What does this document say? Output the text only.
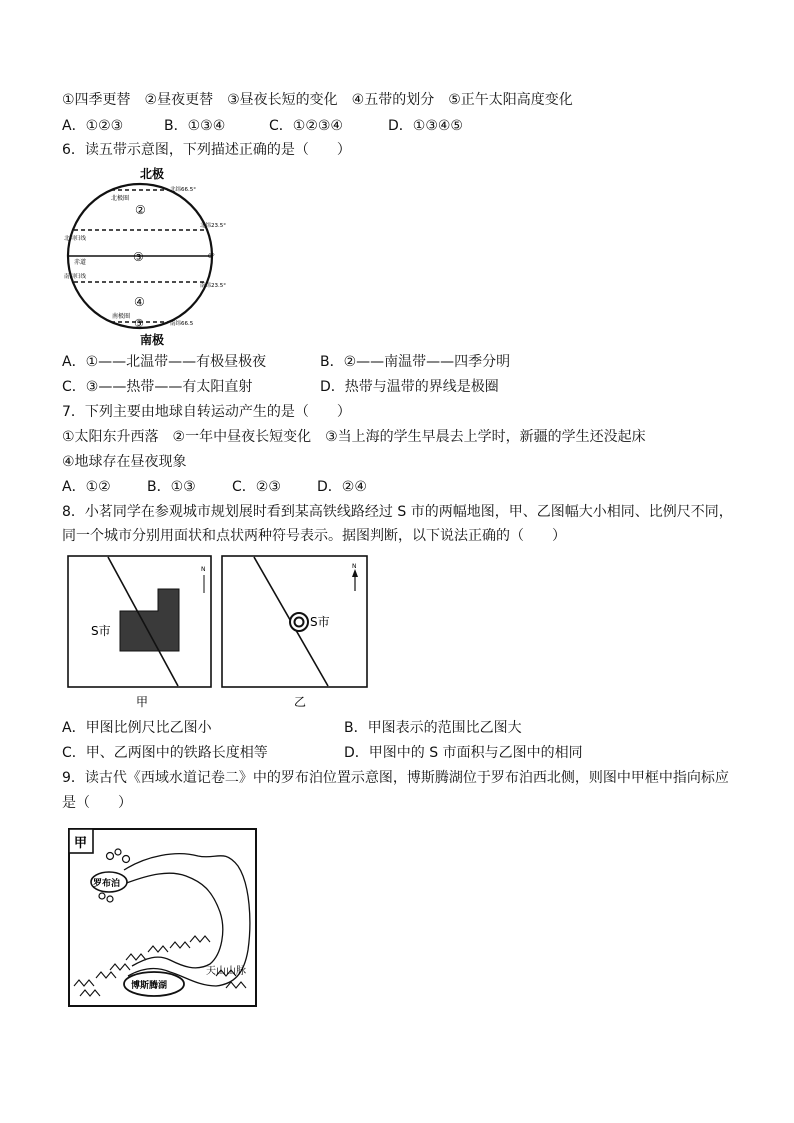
①四季更替　②昼夜更替　③昼夜长短的变化　④五带的划分　⑤正午太阳高度变化
A．①②③	B．①③④	C．①②③④	D．①③④⑤
6．读五带示意图，下列描述正确的是（　　）
北极
南极
北极圈
北纬66.5°
②
北回归线
北纬23.5°
赤道
0°
③
南回归线
南纬23.5°
④
南极圈
南纬66.5
⑤
A．①——北温带——有极昼极夜	B．②——南温带——四季分明
C．③——热带——有太阳直射	D．热带与温带的界线是极圈
7．下列主要由地球自转运动产生的是（　　）
①太阳东升西落　②一年中昼夜长短变化　③当上海的学生早晨去上学时，新疆的学生还没起床
④地球存在昼夜现象
A．①②	B．①③	C．②③	D．②④
8．小茗同学在参观城市规划展时看到某高铁线路经过 S 市的两幅地图，甲、乙图幅大小相同、比例尺不同，
同一个城市分别用面状和点状两种符号表示。据图判断，以下说法正确的（　　）
S市
N
甲
S市
N
乙
A．甲图比例尺比乙图小	B．甲图表示的范围比乙图大
C．甲、乙两图中的铁路长度相等	D．甲图中的 S 市面积与乙图中的相同
9．读古代《西域水道记卷二》中的罗布泊位置示意图，博斯腾湖位于罗布泊西北侧，则图中甲框中指向标应
是（　　）
甲
罗布泊
博斯腾湖
天山山脉
